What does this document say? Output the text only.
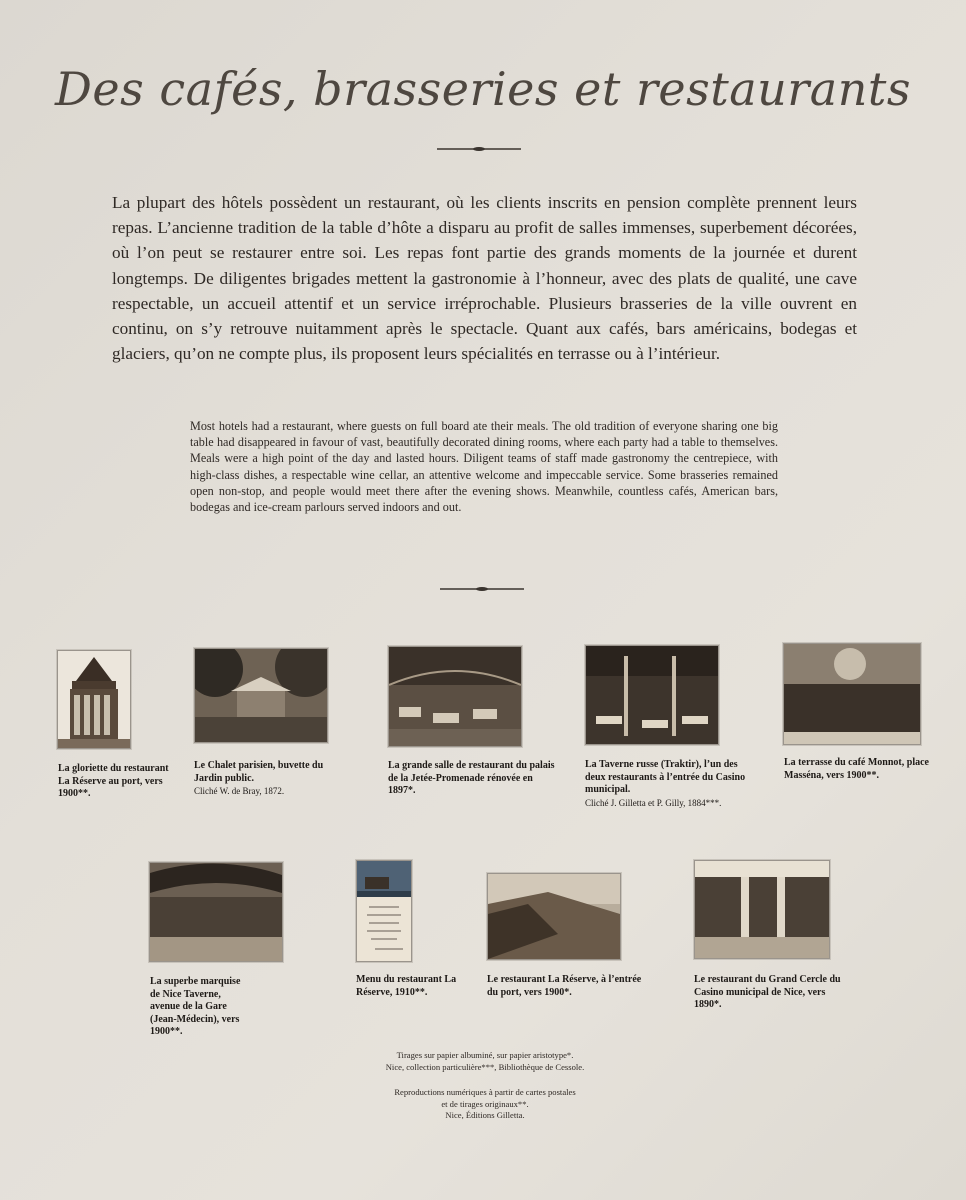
Des cafés, brasseries et restaurants
La plupart des hôtels possèdent un restaurant, où les clients inscrits en pension complète prennent leurs repas. L’ancienne tradition de la table d’hôte a disparu au profit de salles immenses, superbement décorées, où l’on peut se restaurer entre soi. Les repas font partie des grands moments de la journée et durent longtemps. De diligentes brigades mettent la gastronomie à l’honneur, avec des plats de qualité, une cave respectable, un accueil attentif et un service irréprochable. Plusieurs brasseries de la ville ouvrent en continu, on s’y retrouve nuitamment après le spectacle. Quant aux cafés, bars américains, bodegas et glaciers, qu’on ne compte plus, ils proposent leurs spécialités en terrasse ou à l’intérieur.
Most hotels had a restaurant, where guests on full board ate their meals. The old tradition of everyone sharing one big table had disappeared in favour of vast, beautifully decorated dining rooms, where each party had a table to themselves. Meals were a high point of the day and lasted hours. Diligent teams of staff made gastronomy the centrepiece, with high-class dishes, a respectable wine cellar, an attentive welcome and impeccable service. Some brasseries remained open non-stop, and people would meet there after the evening shows. Meanwhile, countless cafés, American bars, bodegas and ice-cream parlours served indoors and out.
La gloriette du restaurant La Réserve au port, vers 1900**.
Le Chalet parisien, buvette du Jardin public.
Cliché W. de Bray, 1872.
La grande salle de restaurant du palais de la Jetée-Promenade rénovée en 1897*.
La Taverne russe (Traktir), l’un des deux restaurants à l’entrée du Casino municipal.
Cliché J. Gilletta et P. Gilly, 1884***.
La terrasse du café Monnot, place Masséna, vers 1900**.
La superbe marquise de Nice Taverne, avenue de la Gare (Jean-Médecin), vers 1900**.
Menu du restaurant La Réserve, 1910**.
Le restaurant La Réserve, à l’entrée du port, vers 1900*.
Le restaurant du Grand Cercle du Casino municipal de Nice, vers 1890*.
Tirages sur papier albuminé, sur papier aristotype*.
Nice, collection particulière***, Bibliothèque de Cessole.
Reproductions numériques à partir de cartes postales
et de tirages originaux**.
Nice, Éditions Gilletta.
